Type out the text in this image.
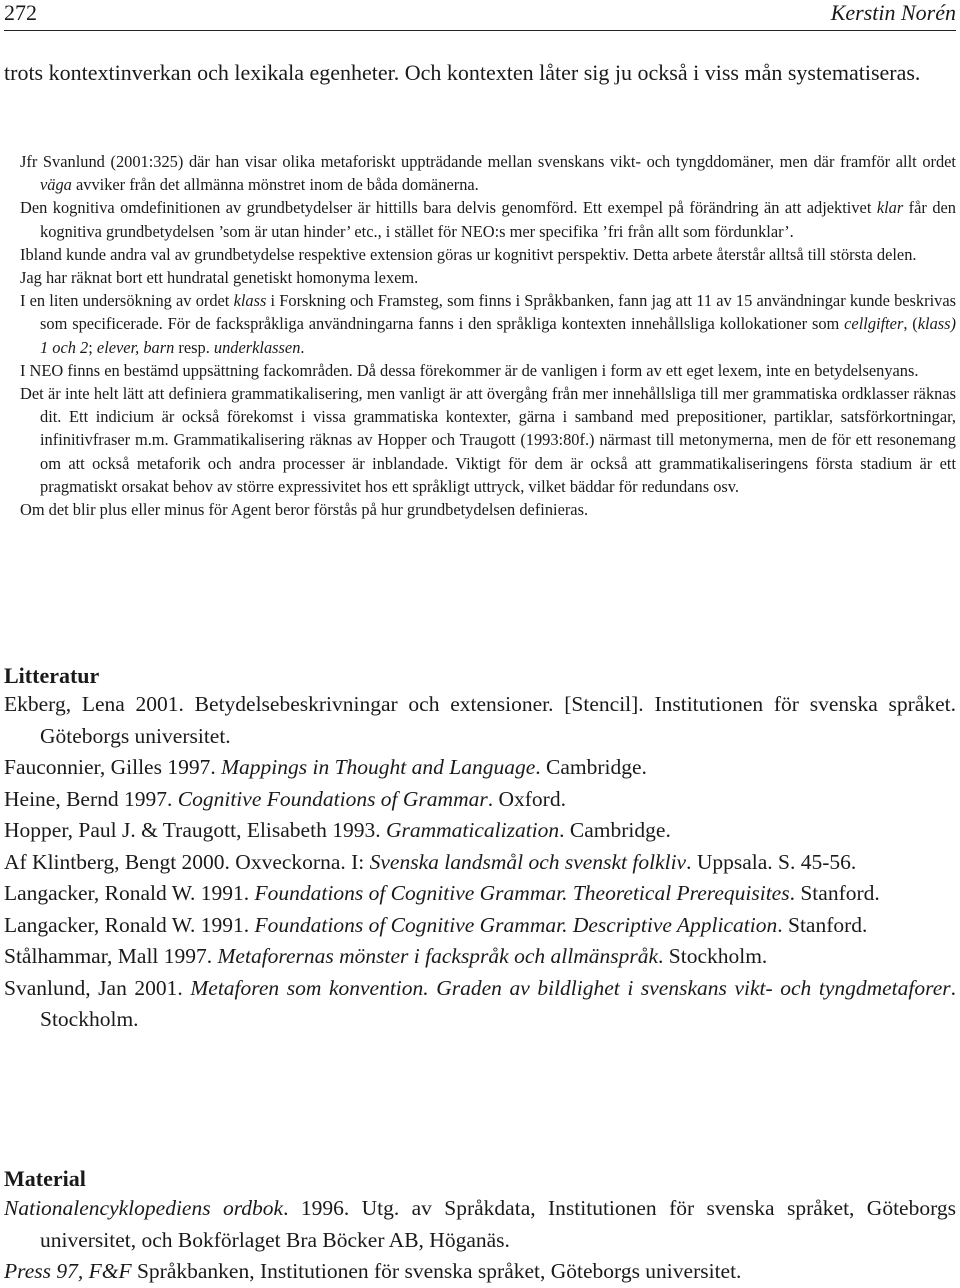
272	Kerstin Norén
trots kontextinverkan och lexikala egenheter. Och kontexten låter sig ju också i viss mån systematiseras.
Jfr Svanlund (2001:325) där han visar olika metaforiskt uppträdande mellan svenskans vikt- och tyngddomäner, men där framför allt ordet väga avviker från det allmänna mönstret inom de båda domänerna.
Den kognitiva omdefinitionen av grundbetydelser är hittills bara delvis genomförd. Ett exempel på förändring än att adjektivet klar får den kognitiva grundbetydelsen ’som är utan hinder’ etc., i stället för NEO:s mer specifika ’fri från allt som fördunklar’.
Ibland kunde andra val av grundbetydelse respektive extension göras ur kognitivt perspektiv. Detta arbete återstår alltså till största delen.
Jag har räknat bort ett hundratal genetiskt homonyma lexem.
I en liten undersökning av ordet klass i Forskning och Framsteg, som finns i Språkbanken, fann jag att 11 av 15 användningar kunde beskrivas som specificerade. För de fackspråkliga användningarna fanns i den språkliga kontexten innehållsliga kollokationer som cellgifter, (klass) 1 och 2; elever, barn resp. underklassen.
I NEO finns en bestämd uppsättning fackområden. Då dessa förekommer är de vanligen i form av ett eget lexem, inte en betydelsenyans.
Det är inte helt lätt att definiera grammatikalisering, men vanligt är att övergång från mer innehållsliga till mer grammatiska ordklasser räknas dit. Ett indicium är också förekomst i vissa grammatiska kontexter, gärna i samband med prepositioner, partiklar, satsförkortningar, infinitivfraser m.m. Grammatikalisering räknas av Hopper och Traugott (1993:80f.) närmast till metonymerna, men de för ett resonemang om att också metaforik och andra processer är inblandade. Viktigt för dem är också att grammatikaliseringens första stadium är ett pragmatiskt orsakat behov av större expressivitet hos ett språkligt uttryck, vilket bäddar för redundans osv.
Om det blir plus eller minus för Agent beror förstås på hur grundbetydelsen definieras.
Litteratur
Ekberg, Lena 2001. Betydelsebeskrivningar och extensioner. [Stencil]. Institutionen för svenska språket. Göteborgs universitet.
Fauconnier, Gilles 1997. Mappings in Thought and Language. Cambridge.
Heine, Bernd 1997. Cognitive Foundations of Grammar. Oxford.
Hopper, Paul J. & Traugott, Elisabeth 1993. Grammaticalization. Cambridge.
Af Klintberg, Bengt 2000. Oxveckorna. I: Svenska landsmål och svenskt folkliv. Uppsala. S. 45-56.
Langacker, Ronald W. 1991. Foundations of Cognitive Grammar. Theoretical Prerequisites. Stanford.
Langacker, Ronald W. 1991. Foundations of Cognitive Grammar. Descriptive Application. Stanford.
Stålhammar, Mall 1997. Metaforernas mönster i fackspråk och allmänspråk. Stockholm.
Svanlund, Jan 2001. Metaforen som konvention. Graden av bildlighet i svenskans vikt- och tyngdmetaforer. Stockholm.
Material
Nationalencyklopediens ordbok. 1996. Utg. av Språkdata, Institutionen för svenska språket, Göteborgs universitet, och Bokförlaget Bra Böcker AB, Höganäs.
Press 97, F&F Språkbanken, Institutionen för svenska språket, Göteborgs universitet.
